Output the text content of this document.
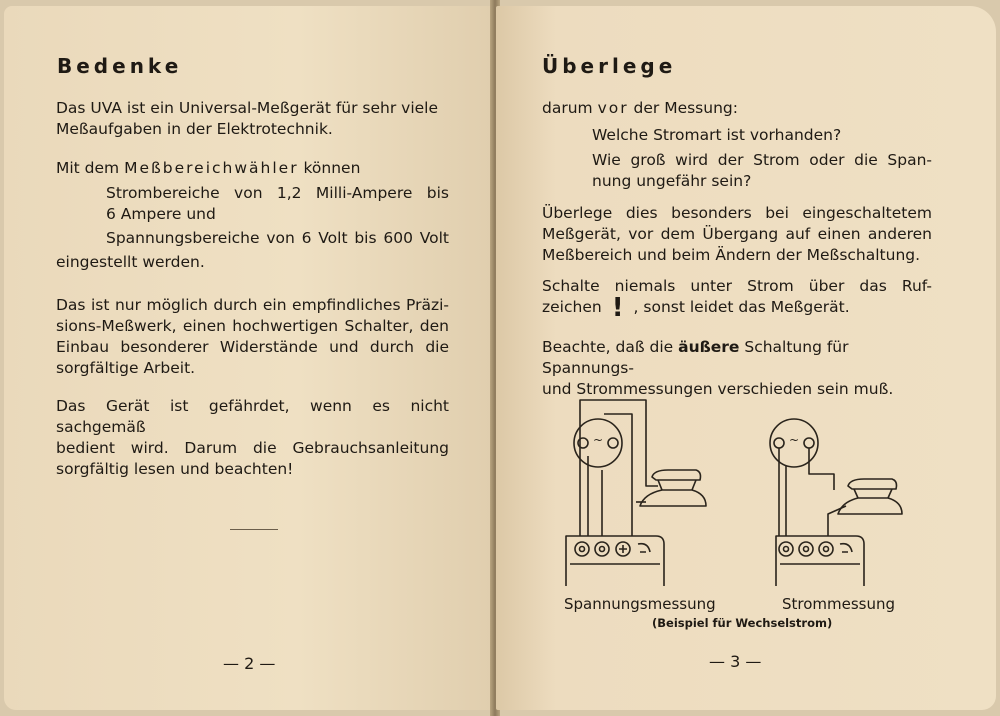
Bedenke

Das UVA ist ein Universal-Meßgerät für sehr viele
Meßaufgaben in der Elektrotechnik.

Mit dem Meßbereichwähler können

Strombereiche von 1,2 Milli-Ampere bis
6 Ampere und

Spannungsbereiche von 6 Volt bis 600 Volt

eingestellt werden.

Das ist nur möglich durch ein empfindliches Präzi-
sions-Meßwerk, einen hochwertigen Schalter, den
Einbau besonderer Widerstände und durch die
sorgfältige Arbeit.

Das Gerät ist gefährdet, wenn es nicht sachgemäß
bedient wird. Darum die Gebrauchsanleitung
sorgfältig lesen und beachten!

— 2 —
Überlege

darum vor der Messung:

Welche Stromart ist vorhanden?

Wie groß wird der Strom oder die Span-
nung ungefähr sein?

Überlege dies besonders bei eingeschaltetem
Meßgerät, vor dem Übergang auf einen anderen
Meßbereich und beim Ändern der Meßschaltung.

Schalte niemals unter Strom über das Ruf-
zeichen ! , sonst leidet das Meßgerät.

Beachte, daß die äußere Schaltung für Spannungs-
und Strommessungen verschieden sein muß.

~	~
Spannungsmessung	Strommessung
(Beispiel für Wechselstrom)
— 3 —
